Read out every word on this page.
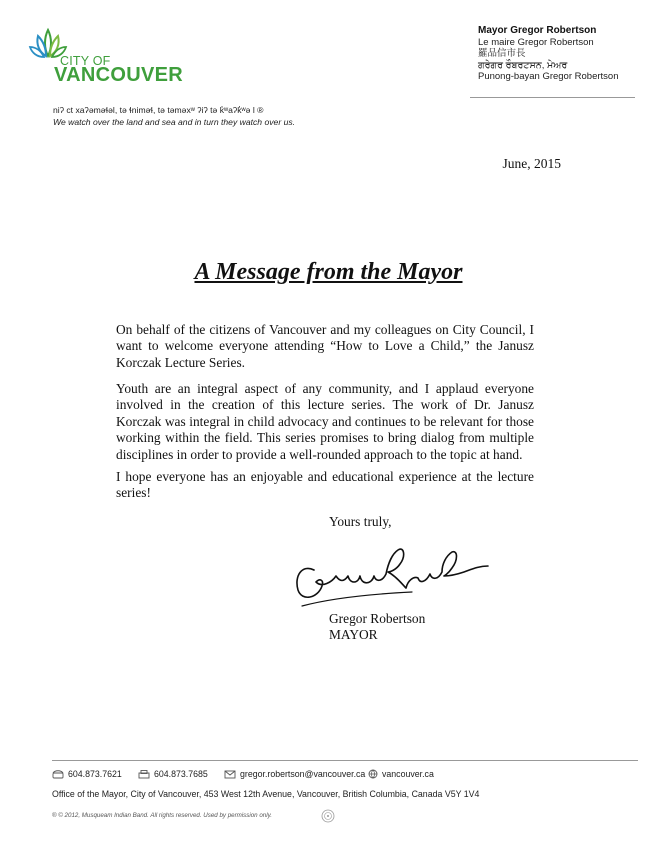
CITY OF
VANCOUVER
Mayor Gregor Robertson
Le maire Gregor Robertson
羅品信市長
ਗਰੇਗਰ ਰੌਬਰਟਸਨ, ਮੇਅਰ
Punong-bayan Gregor Robertson
niʔ ct xaʔəməɬəl, tə ɬniməɬ, tə təməxʷ ʔiʔ tə k̓ʷaʔk̓ʷə l ®
We watch over the land and sea and in turn they watch over us.
June, 2015
A Message from the Mayor

On behalf of the citizens of Vancouver and my colleagues on City Council, I want to welcome everyone attending “How to Love a Child,” the Janusz Korczak Lecture Series.

Youth are an integral aspect of any community, and I applaud everyone involved in the creation of this lecture series. The work of Dr. Janusz Korczak was integral in child advocacy and continues to be relevant for those working within the field. This series promises to bring dialog from multiple disciplines in order to provide a well-rounded approach to the topic at hand.

I hope everyone has an enjoyable and educational experience at the lecture series!

Yours truly,
Gregor Robertson
MAYOR
604.873.7621	604.873.7685	gregor.robertson@vancouver.ca vancouver.ca
Office of the Mayor, City of Vancouver, 453 West 12th Avenue, Vancouver, British Columbia, Canada V5Y 1V4
® © 2012, Musqueam Indian Band. All rights reserved. Used by permission only.
